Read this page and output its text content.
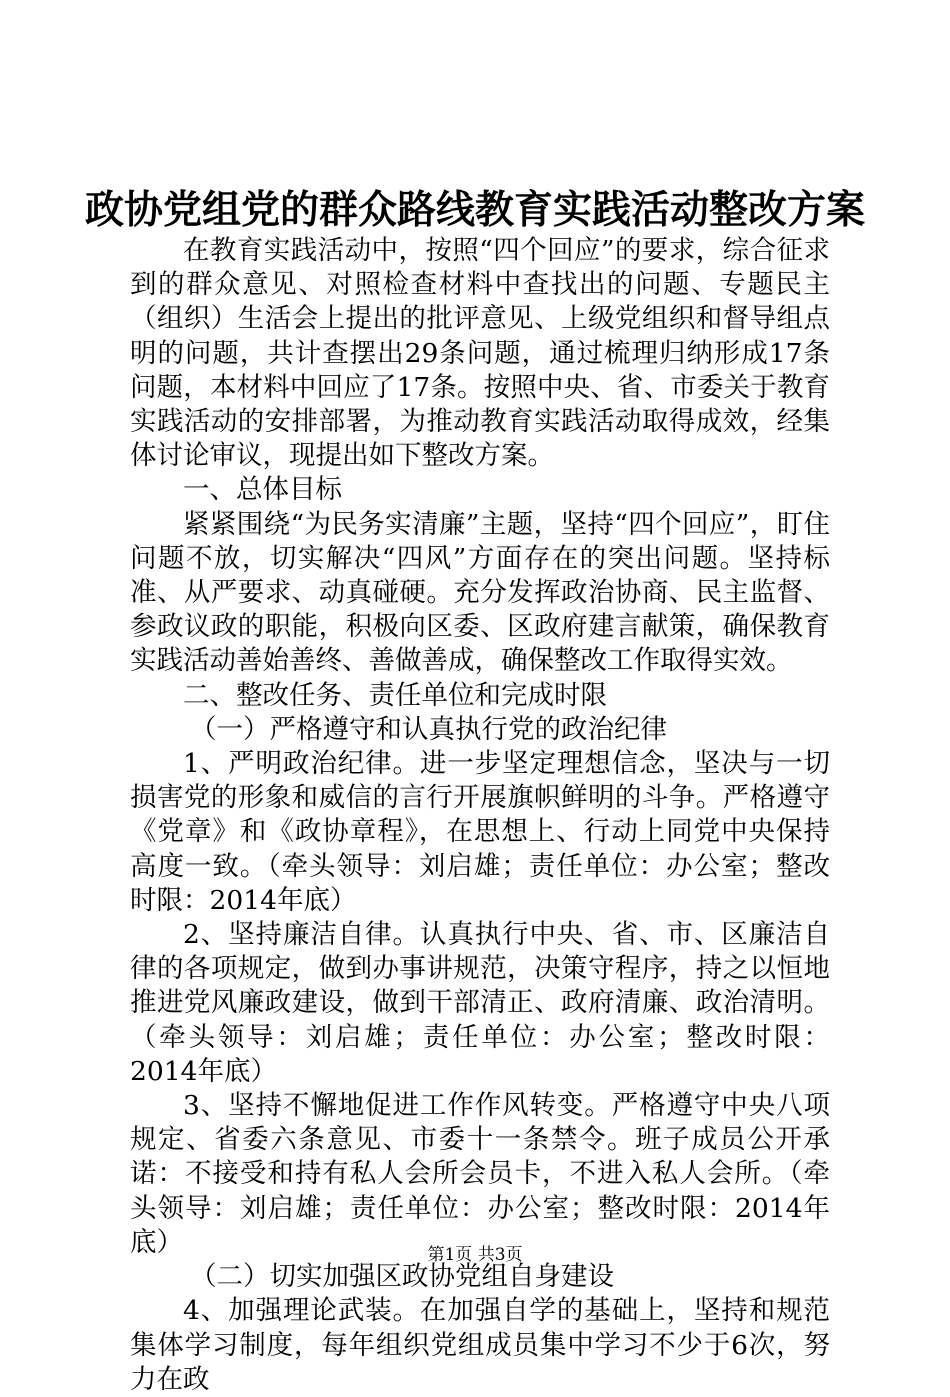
政协党组党的群众路线教育实践活动整改方案

在教育实践活动中，按照“四个回应”的要求，综合征求到的群众意见、对照检查材料中查找出的问题、专题民主（组织）生活会上提出的批评意见、上级党组织和督导组点明的问题，共计查摆出29条问题，通过梳理归纳形成17条问题，本材料中回应了17条。按照中央、省、市委关于教育实践活动的安排部署，为推动教育实践活动取得成效，经集体讨论审议，现提出如下整改方案。

一、总体目标

紧紧围绕“为民务实清廉”主题，坚持“四个回应”，盯住问题不放，切实解决“四风”方面存在的突出问题。坚持标准、从严要求、动真碰硬。充分发挥政治协商、民主监督、参政议政的职能，积极向区委、区政府建言献策，确保教育实践活动善始善终、善做善成，确保整改工作取得实效。

二、整改任务、责任单位和完成时限

（一）严格遵守和认真执行党的政治纪律

1、严明政治纪律。进一步坚定理想信念，坚决与一切损害党的形象和威信的言行开展旗帜鲜明的斗争。严格遵守《党章》和《政协章程》，在思想上、行动上同党中央保持高度一致。（牵头领导：刘启雄；责任单位：办公室；整改时限：2014年底）

2、坚持廉洁自律。认真执行中央、省、市、区廉洁自律的各项规定，做到办事讲规范，决策守程序，持之以恒地推进党风廉政建设，做到干部清正、政府清廉、政治清明。（牵头领导：刘启雄；责任单位：办公室；整改时限：2014年底）

3、坚持不懈地促进工作作风转变。严格遵守中央八项规定、省委六条意见、市委十一条禁令。班子成员公开承诺：不接受和持有私人会所会员卡，不进入私人会所。（牵头领导：刘启雄；责任单位：办公室；整改时限：2014年底）

（二）切实加强区政协党组自身建设

4、加强理论武装。在加强自学的基础上，坚持和规范集体学习制度，每年组织党组成员集中学习不少于6次，努力在政

第1页 共3页
